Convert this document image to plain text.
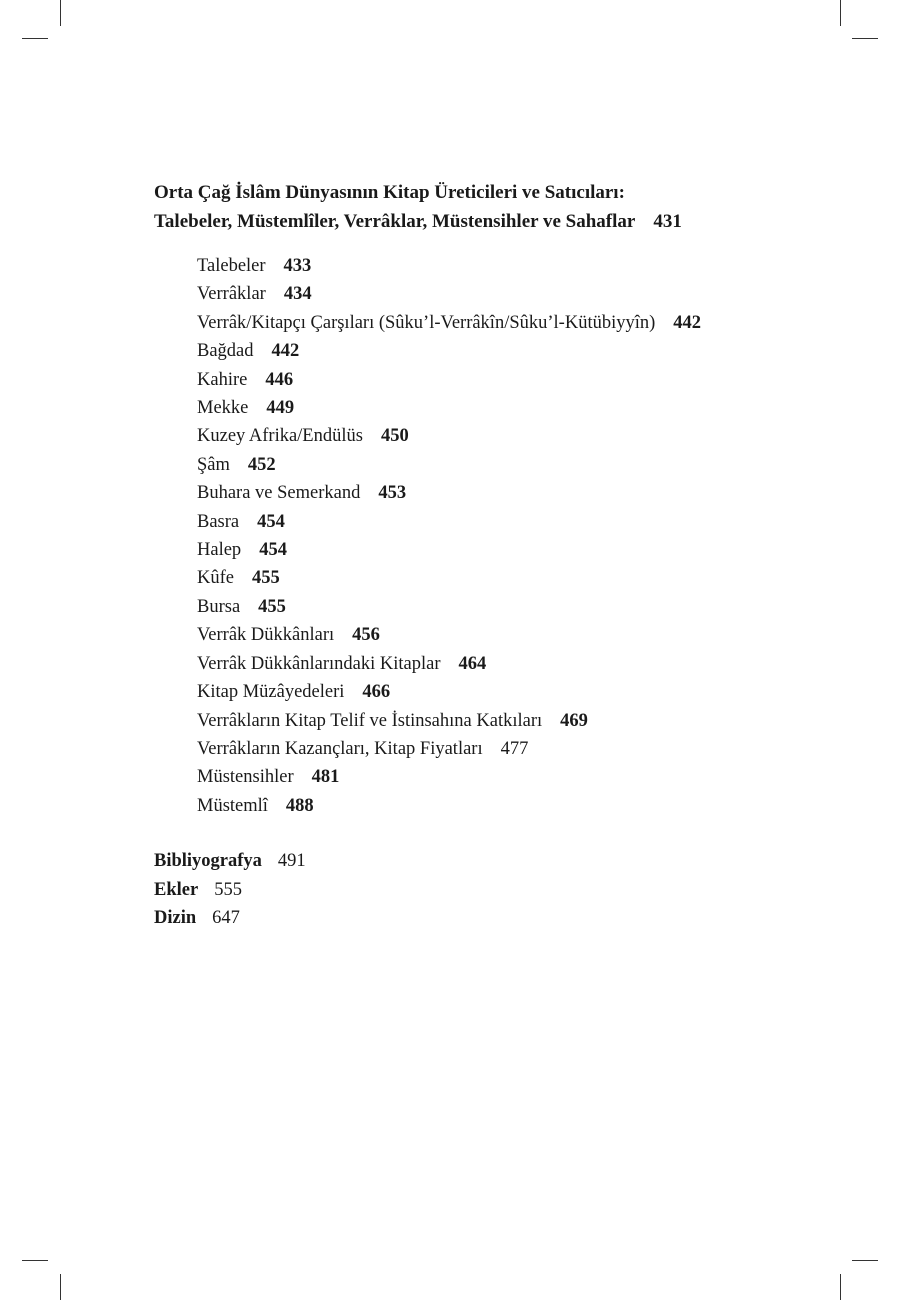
Orta Çağ İslâm Dünyasının Kitap Üreticileri ve Satıcıları:
Talebeler, Müstemlîler, Verrâklar, Müstensihler ve Sahaflar 431
Talebeler 433
Verrâklar 434
Verrâk/Kitapçı Çarşıları (Sûku’l-Verrâkîn/Sûku’l-Kütübiyyîn) 442
Bağdad 442
Kahire 446
Mekke 449
Kuzey Afrika/Endülüs 450
Şâm 452
Buhara ve Semerkand 453
Basra 454
Halep 454
Kûfe 455
Bursa 455
Verrâk Dükkânları 456
Verrâk Dükkânlarındaki Kitaplar 464
Kitap Müzâyedeleri 466
Verrâkların Kitap Telif ve İstinsahına Katkıları 469
Verrâkların Kazançları, Kitap Fiyatları 477
Müstensihler 481
Müstemlî 488
Bibliyografya 491
Ekler 555
Dizin 647
